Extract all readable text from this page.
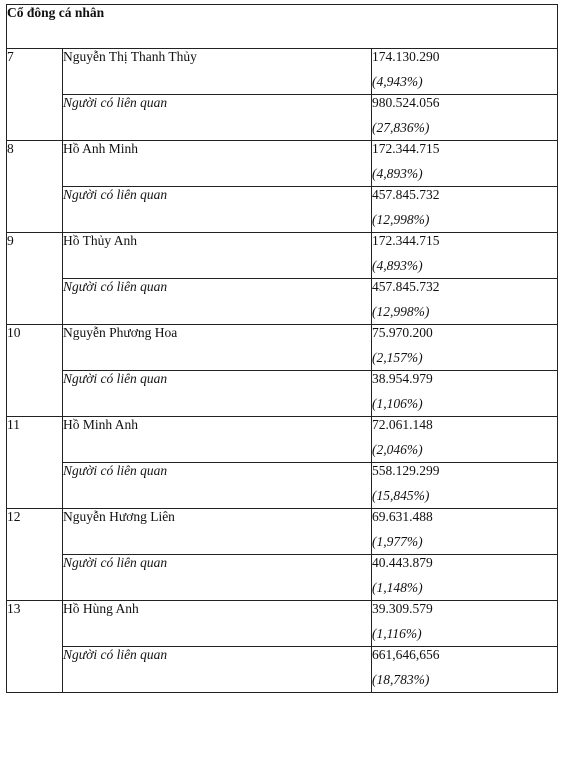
Cổ đông cá nhân		
7	Nguyễn Thị Thanh Thủy	174.130.290
(4,943%)

	Người có liên quan	980.524.056
(27,836%)

8	Hồ Anh Minh	172.344.715
(4,893%)

	Người có liên quan	457.845.732
(12,998%)

9	Hồ Thủy Anh	172.344.715
(4,893%)

	Người có liên quan	457.845.732
(12,998%)

10	Nguyễn Phương Hoa	75.970.200
(2,157%)

	Người có liên quan	38.954.979
(1,106%)

11	Hồ Minh Anh	72.061.148
(2,046%)

	Người có liên quan	558.129.299
(15,845%)

12	Nguyễn Hương Liên	69.631.488
(1,977%)

	Người có liên quan	40.443.879
(1,148%)

13	Hồ Hùng Anh	39.309.579
(1,116%)

	Người có liên quan	661,646,656
(18,783%)
